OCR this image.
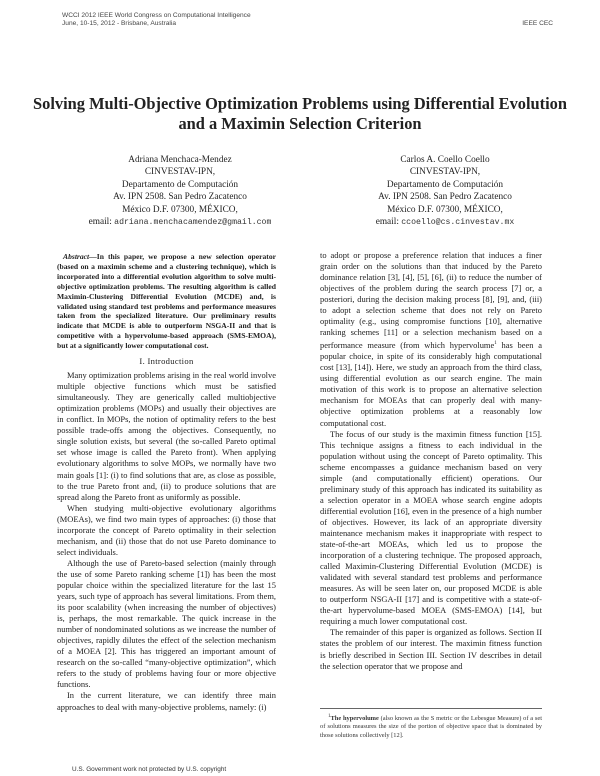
WCCI 2012 IEEE World Congress on Computational Intelligence
June, 10-15, 2012 - Brisbane, Australia	IEEE CEC
Solving Multi-Objective Optimization Problems using Differential Evolution and a Maximin Selection Criterion
Adriana Menchaca-Mendez
CINVESTAV-IPN,
Departamento de Computación
Av. IPN 2508. San Pedro Zacatenco
México D.F. 07300, MÉXICO,
email: adriana.menchacamendez@gmail.com
Carlos A. Coello Coello
CINVESTAV-IPN,
Departamento de Computación
Av. IPN 2508. San Pedro Zacatenco
México D.F. 07300, MÉXICO,
email: ccoello@cs.cinvestav.mx

Abstract—In this paper, we propose a new selection operator (based on a maximin scheme and a clustering technique), which is incorporated into a differential evolution algorithm to solve multi-objective optimization problems. The resulting algorithm is called Maximin-Clustering Differential Evolution (MCDE) and, is validated using standard test problems and performance measures taken from the specialized literature. Our preliminary results indicate that MCDE is able to outperform NSGA-II and that is competitive with a hypervolume-based approach (SMS-EMOA), but at a significantly lower computational cost.

I. Introduction

Many optimization problems arising in the real world involve multiple objective functions which must be satisfied simultaneously. They are generically called multiobjective optimization problems (MOPs) and usually their objectives are in conflict. In MOPs, the notion of optimality refers to the best possible trade-offs among the objectives. Consequently, no single solution exists, but several (the so-called Pareto optimal set whose image is called the Pareto front). When applying evolutionary algorithms to solve MOPs, we normally have two main goals [1]: (i) to find solutions that are, as close as possible, to the true Pareto front and, (ii) to produce solutions that are spread along the Pareto front as uniformly as possible.

When studying multi-objective evolutionary algorithms (MOEAs), we find two main types of approaches: (i) those that incorporate the concept of Pareto optimality in their selection mechanism, and (ii) those that do not use Pareto dominance to select individuals.

Although the use of Pareto-based selection (mainly through the use of some Pareto ranking scheme [1]) has been the most popular choice within the specialized literature for the last 15 years, such type of approach has several limitations. From them, its poor scalability (when increasing the number of objectives) is, perhaps, the most remarkable. The quick increase in the number of nondominated solutions as we increase the number of objectives, rapidly dilutes the effect of the selection mechanism of a MOEA [2]. This has triggered an important amount of research on the so-called “many-objective optimization”, which refers to the study of problems having four or more objective functions.

In the current literature, we can identify three main approaches to deal with many-objective problems, namely: (i)

to adopt or propose a preference relation that induces a finer grain order on the solutions than that induced by the Pareto dominance relation [3], [4], [5], [6], (ii) to reduce the number of objectives of the problem during the search process [7] or, a posteriori, during the decision making process [8], [9], and, (iii) to adopt a selection scheme that does not rely on Pareto optimality (e.g., using compromise functions [10], alternative ranking schemes [11] or a selection mechanism based on a performance measure (from which hypervolume$^1$ has been a popular choice, in spite of its considerably high computational cost [13], [14]). Here, we study an approach from the third class, using differential evolution as our search engine. The main motivation of this work is to propose an alternative selection mechanism for MOEAs that can properly deal with many-objective optimization problems at a reasonably low computational cost.

The focus of our study is the maximin fitness function [15]. This technique assigns a fitness to each individual in the population without using the concept of Pareto optimality. This scheme encompasses a guidance mechanism based on very simple (and computationally efficient) operations. Our preliminary study of this approach has indicated its suitability as a selection operator in a MOEA whose search engine adopts differential evolution [16], even in the presence of a high number of objectives. However, its lack of an appropriate diversity maintenance mechanism makes it inappropriate with respect to state-of-the-art MOEAs, which led us to propose the incorporation of a clustering technique. The proposed approach, called Maximin-Clustering Differential Evolution (MCDE) is validated with several standard test problems and performance measures. As will be seen later on, our proposed MCDE is able to outperform NSGA-II [17] and is competitive with a state-of-the-art hypervolume-based MOEA (SMS-EMOA) [14], but requiring a much lower computational cost.

The remainder of this paper is organized as follows. Section II states the problem of our interest. The maximin fitness function is briefly described in Section III. Section IV describes in detail the selection operator that we propose and

$^1$The hypervolume (also known as the S metric or the Lebesgue Measure) of a set of solutions measures the size of the portion of objective space that is dominated by those solutions collectively [12].

U.S. Government work not protected by U.S. copyright
